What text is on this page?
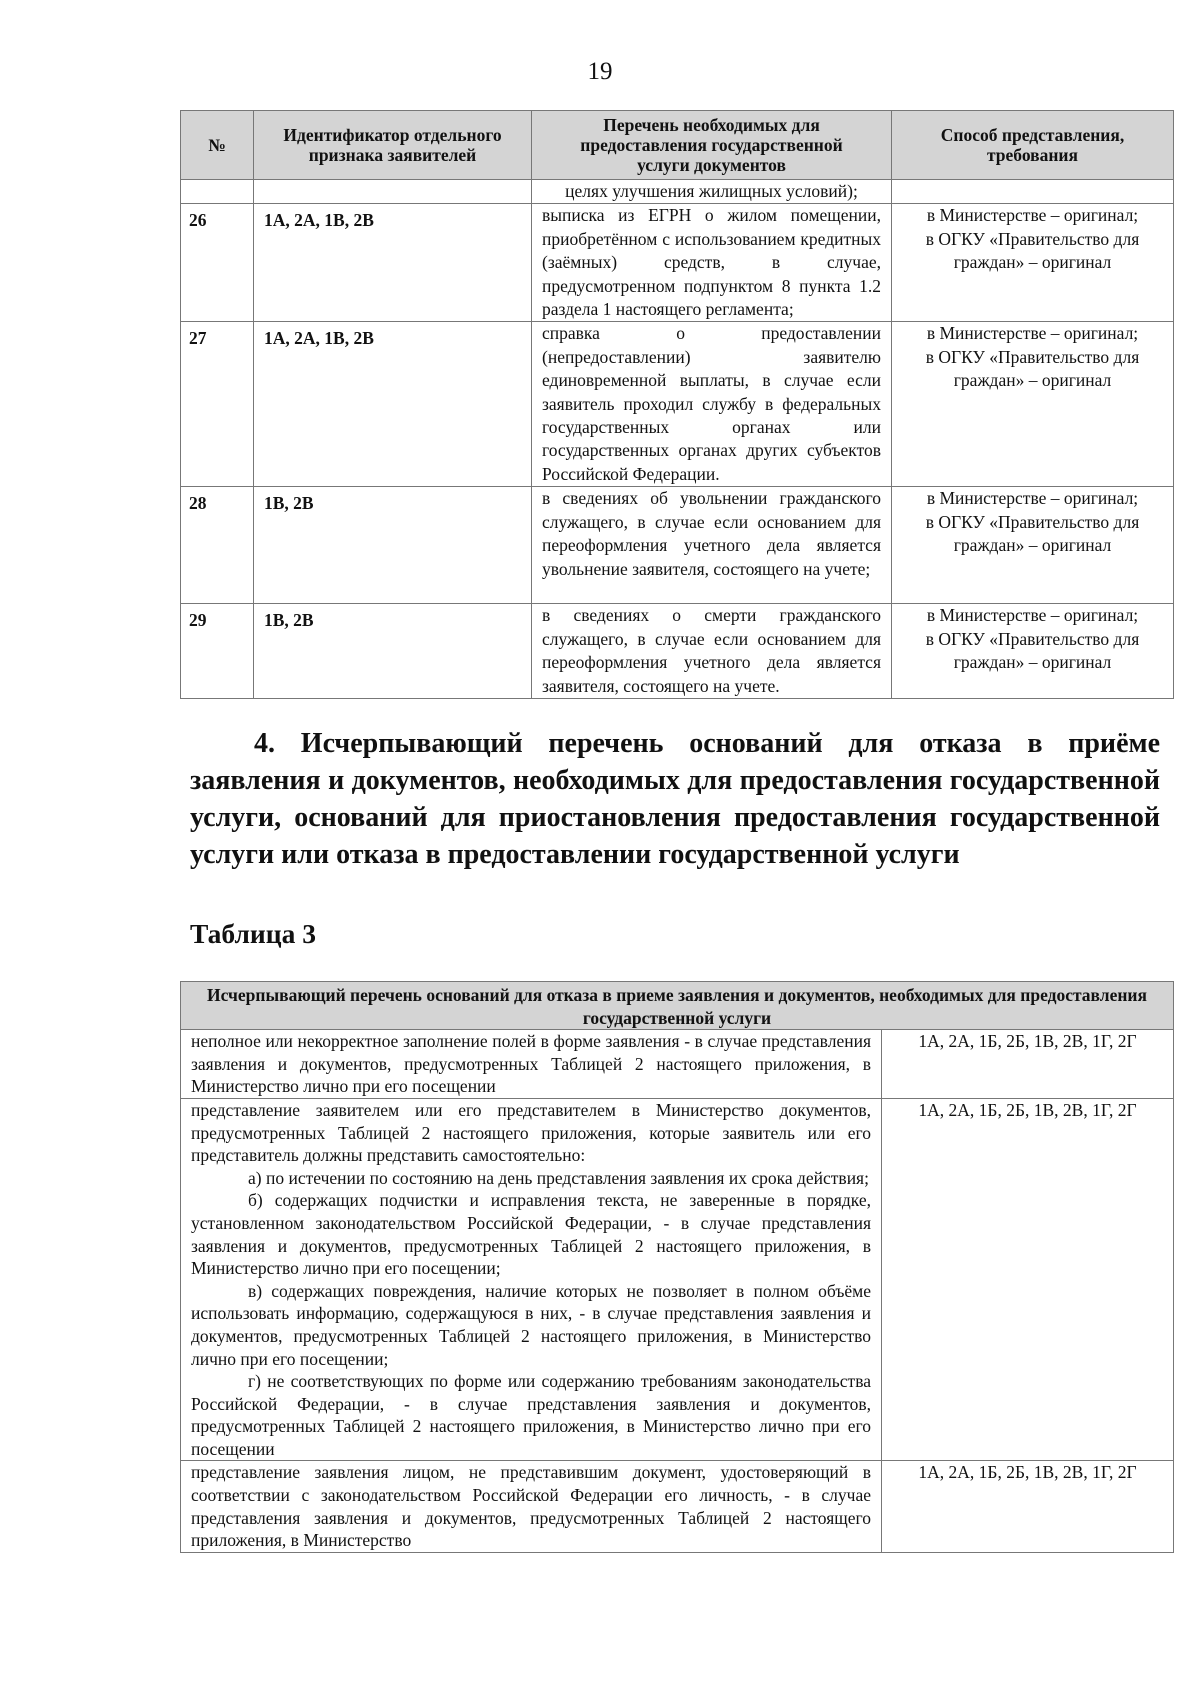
19
№	Идентификатор отдельного признака заявителей	Перечень необходимых для предоставления государственной услуги документов	Способ представления, требования
		целях улучшения жилищных условий);	
26	1А, 2А, 1В, 2В	выписка из ЕГРН о жилом помещении, приобретённом с использованием кредитных (заёмных) средств, в случае, предусмотренном подпунктом 8 пункта 1.2 раздела 1 настоящего регламента;	в Министерстве – оригинал;
в ОГКУ «Правительство для граждан» – оригинал
27	1А, 2А, 1В, 2В	справка о предоставлении (непредоставлении) заявителю единовременной выплаты, в случае если заявитель проходил службу в федеральных государственных органах или государственных органах других субъектов Российской Федерации.	в Министерстве – оригинал;
в ОГКУ «Правительство для граждан» – оригинал
28	1В, 2В	в сведениях об увольнении гражданского служащего, в случае если основанием для переоформления учетного дела является увольнение заявителя, состоящего на учете;	в Министерстве – оригинал;
в ОГКУ «Правительство для граждан» – оригинал
29	1В, 2В	в сведениях о смерти гражданского служащего, в случае если основанием для переоформления учетного дела является заявителя, состоящего на учете.	в Министерстве – оригинал;
в ОГКУ «Правительство для граждан» – оригинал
4. Исчерпывающий перечень оснований для отказа в приёме заявления и документов, необходимых для предоставления государственной услуги, оснований для приостановления предоставления государственной услуги или отказа в предоставлении государственной услуги
Таблица 3
Исчерпывающий перечень оснований для отказа в приеме заявления и документов, необходимых для предоставления государственной услуги	

неполное или некорректное заполнение полей в форме заявления - в случае представления заявления и документов, предусмотренных Таблицей 2 настоящего приложения, в Министерство лично при его посещении	1А, 2А, 1Б, 2Б, 1В, 2В, 1Г, 2Г

представление заявителем или его представителем в Министерство документов, предусмотренных Таблицей 2 настоящего приложения, которые заявитель или его представитель должны представить самостоятельно:

а) по истечении по состоянию на день представления заявления их срока действия;

б) содержащих подчистки и исправления текста, не заверенные в порядке, установленном законодательством Российской Федерации, - в случае представления заявления и документов, предусмотренных Таблицей 2 настоящего приложения, в Министерство лично при его посещении;

в) содержащих повреждения, наличие которых не позволяет в полном объёме использовать информацию, содержащуюся в них, - в случае представления заявления и документов, предусмотренных Таблицей 2 настоящего приложения, в Министерство лично при его посещении;

г) не соответствующих по форме или содержанию требованиям законодательства Российской Федерации, - в случае представления заявления и документов, предусмотренных Таблицей 2 настоящего приложения, в Министерство лично при его посещении	1А, 2А, 1Б, 2Б, 1В, 2В, 1Г, 2Г

представление заявления лицом, не представившим документ, удостоверяющий в соответствии с законодательством Российской Федерации его личность, - в случае представления заявления и документов, предусмотренных Таблицей 2 настоящего приложения, в Министерство	1А, 2А, 1Б, 2Б, 1В, 2В, 1Г, 2Г
